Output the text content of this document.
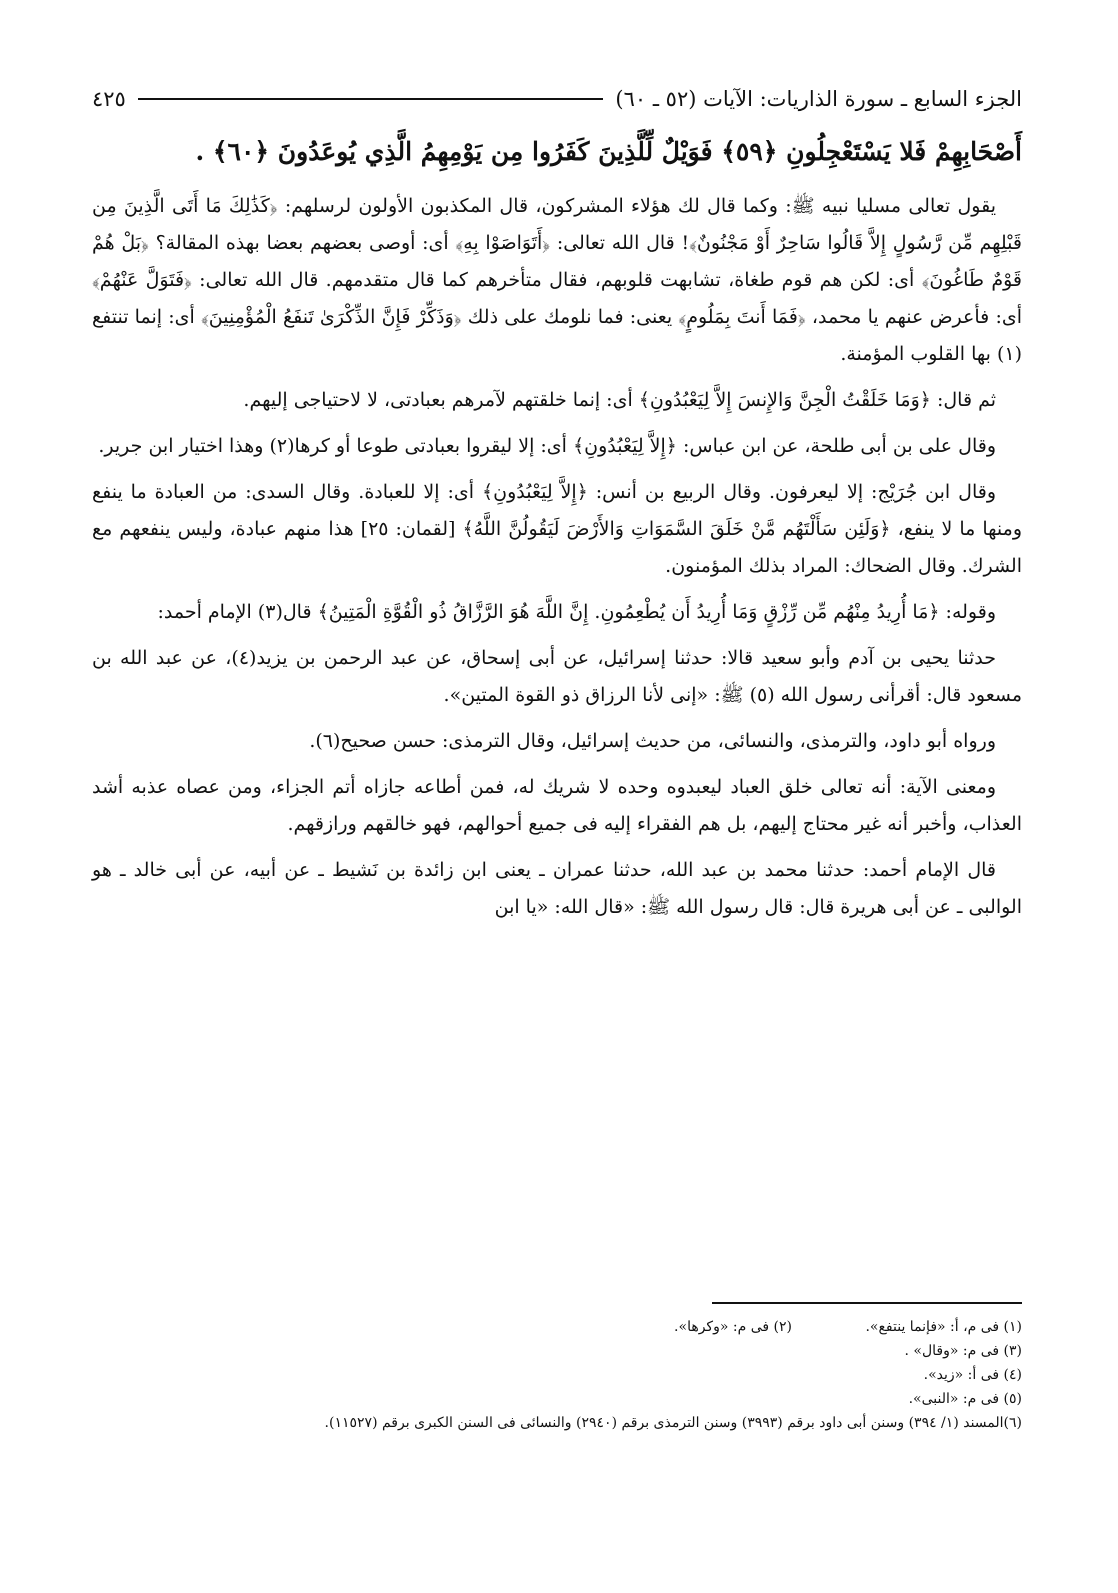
الجزء السابع ـ سورة الذاريات: الآيات (٥٢ ـ ٦٠)
٤٢٥
أَصْحَابِهِمْ فَلا يَسْتَعْجِلُونِ ﴿٥٩﴾ فَوَيْلٌ لِّلَّذِينَ كَفَرُوا مِن يَوْمِهِمُ الَّذِي يُوعَدُونَ ﴿٦٠﴾ .

يقول تعالى مسليا نبيه ﷺ: وكما قال لك هؤلاء المشركون، قال المكذبون الأولون لرسلهم: ﴿كَذَٰلِكَ مَا أَتَى الَّذِينَ مِن قَبْلِهِم مِّن رَّسُولٍ إِلاَّ قَالُوا سَاحِرٌ أَوْ مَجْنُونٌ﴾! قال الله تعالى: ﴿أَتَوَاصَوْا بِهِ﴾ أى: أوصى بعضهم بعضا بهذه المقالة؟ ﴿بَلْ هُمْ قَوْمٌ طَاغُونَ﴾ أى: لكن هم قوم طغاة، تشابهت قلوبهم، فقال متأخرهم كما قال متقدمهم. قال الله تعالى: ﴿فَتَوَلَّ عَنْهُمْ﴾ أى: فأعرض عنهم يا محمد، ﴿فَمَا أَنتَ بِمَلُومٍ﴾ يعنى: فما نلومك على ذلك ﴿وَذَكِّرْ فَإِنَّ الذِّكْرَىٰ تَنفَعُ الْمُؤْمِنِينَ﴾ أى: إنما تنتفع (١) بها القلوب المؤمنة.

ثم قال: ﴿وَمَا خَلَقْتُ الْجِنَّ وَالإِنسَ إِلاَّ لِيَعْبُدُونِ﴾ أى: إنما خلقتهم لآمرهم بعبادتى، لا لاحتياجى إليهم.

وقال على بن أبى طلحة، عن ابن عباس: ﴿إِلاَّ لِيَعْبُدُونِ﴾ أى: إلا ليقروا بعبادتى طوعا أو كرها(٢) وهذا اختيار ابن جرير.

وقال ابن جُرَيْج: إلا ليعرفون. وقال الربيع بن أنس: ﴿إِلاَّ لِيَعْبُدُونِ﴾ أى: إلا للعبادة. وقال السدى: من العبادة ما ينفع ومنها ما لا ينفع، ﴿وَلَئِن سَأَلْتَهُم مَّنْ خَلَقَ السَّمَوَاتِ وَالأَرْضَ لَيَقُولُنَّ اللَّهُ﴾ [لقمان: ٢٥] هذا منهم عبادة، وليس ينفعهم مع الشرك. وقال الضحاك: المراد بذلك المؤمنون.

وقوله: ﴿مَا أُرِيدُ مِنْهُم مِّن رِّزْقٍ وَمَا أُرِيدُ أَن يُطْعِمُونِ. إِنَّ اللَّهَ هُوَ الرَّزَّاقُ ذُو الْقُوَّةِ الْمَتِينُ﴾ قال(٣) الإمام أحمد:

حدثنا يحيى بن آدم وأبو سعيد قالا: حدثنا إسرائيل، عن أبى إسحاق، عن عبد الرحمن بن يزيد(٤)، عن عبد الله بن مسعود قال: أقرأنى رسول الله (٥) ﷺ: «إنى لأنا الرزاق ذو القوة المتين».

ورواه أبو داود، والترمذى، والنسائى، من حديث إسرائيل، وقال الترمذى: حسن صحيح(٦).

ومعنى الآية: أنه تعالى خلق العباد ليعبدوه وحده لا شريك له، فمن أطاعه جازاه أتم الجزاء، ومن عصاه عذبه أشد العذاب، وأخبر أنه غير محتاج إليهم، بل هم الفقراء إليه فى جميع أحوالهم، فهو خالقهم ورازقهم.

قال الإمام أحمد: حدثنا محمد بن عبد الله، حدثنا عمران ـ يعنى ابن زائدة بن نَشيط ـ عن أبيه، عن أبى خالد ـ هو الوالبى ـ عن أبى هريرة قال: قال رسول الله ﷺ: «قال الله: «يا ابن

(١) فى م، أ: «فإنما ينتفع».
(٢) فى م: «وكرها».
(٣) فى م: «وقال» .
(٤) فى أ: «زيد».
(٥) فى م: «النبى».
(٦)المسند (١/ ٣٩٤) وسنن أبى داود برقم (٣٩٩٣) وسنن الترمذى برقم (٢٩٤٠) والنسائى فى السنن الكبرى برقم (١١٥٢٧).
